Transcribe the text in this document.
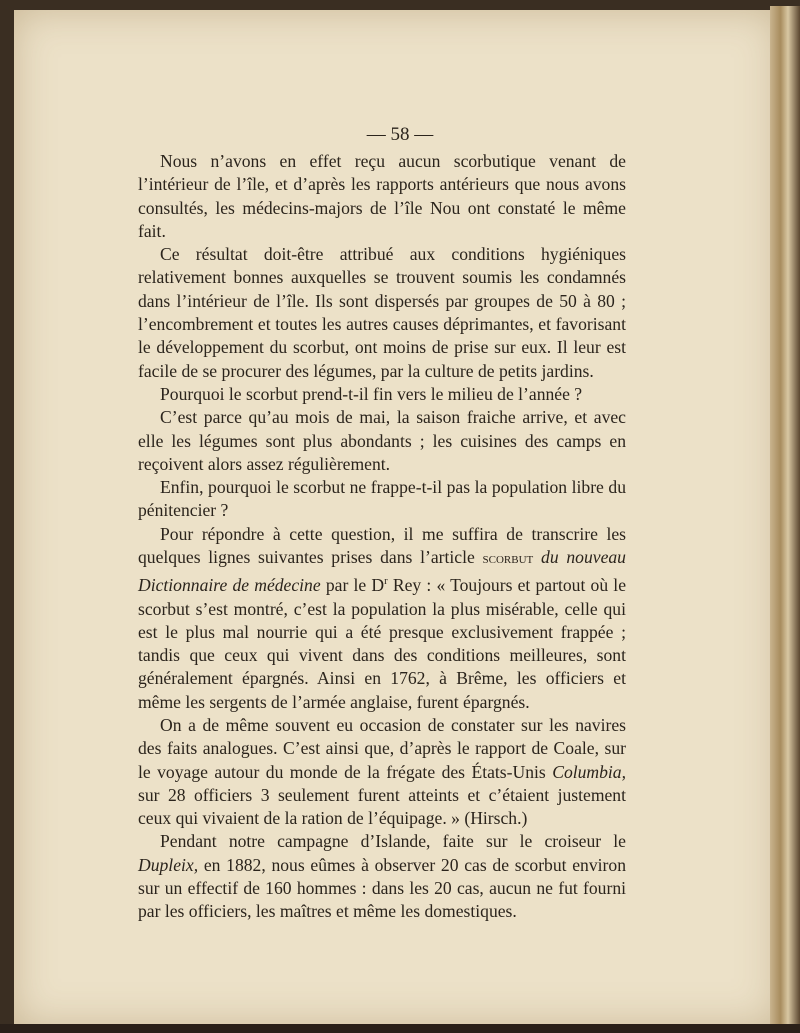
— 58 —

Nous n’avons en effet reçu aucun scorbutique venant de l’intérieur de l’île, et d’après les rapports antérieurs que nous avons consultés, les médecins-majors de l’île Nou ont constaté le même fait.

Ce résultat doit-être attribué aux conditions hygiéniques relativement bonnes auxquelles se trouvent soumis les condamnés dans l’intérieur de l’île. Ils sont dispersés par groupes de 50 à 80 ; l’encombrement et toutes les autres causes déprimantes, et favorisant le développement du scorbut, ont moins de prise sur eux. Il leur est facile de se procurer des légumes, par la culture de petits jardins.

Pourquoi le scorbut prend-t-il fin vers le milieu de l’année ?

C’est parce qu’au mois de mai, la saison fraiche arrive, et avec elle les légumes sont plus abondants ; les cuisines des camps en reçoivent alors assez régulièrement.

Enfin, pourquoi le scorbut ne frappe-t-il pas la population libre du pénitencier ?

Pour répondre à cette question, il me suffira de transcrire les quelques lignes suivantes prises dans l’article scorbut du nouveau Dictionnaire de médecine par le $D^r$ Rey : « Toujours et partout où le scorbut s’est montré, c’est la population la plus misérable, celle qui est le plus mal nourrie qui a été presque exclusivement frappée ; tandis que ceux qui vivent dans des conditions meilleures, sont généralement épargnés. Ainsi en 1762, à Brême, les officiers et même les sergents de l’armée anglaise, furent épargnés.

On a de même souvent eu occasion de constater sur les navires des faits analogues. C’est ainsi que, d’après le rapport de Coale, sur le voyage autour du monde de la frégate des États-Unis Columbia, sur 28 officiers 3 seulement furent atteints et c’étaient justement ceux qui vivaient de la ration de l’équipage. » (Hirsch.)

Pendant notre campagne d’Islande, faite sur le croiseur le Dupleix, en 1882, nous eûmes à observer 20 cas de scorbut environ sur un effectif de 160 hommes : dans les 20 cas, aucun ne fut fourni par les officiers, les maîtres et même les domestiques.
